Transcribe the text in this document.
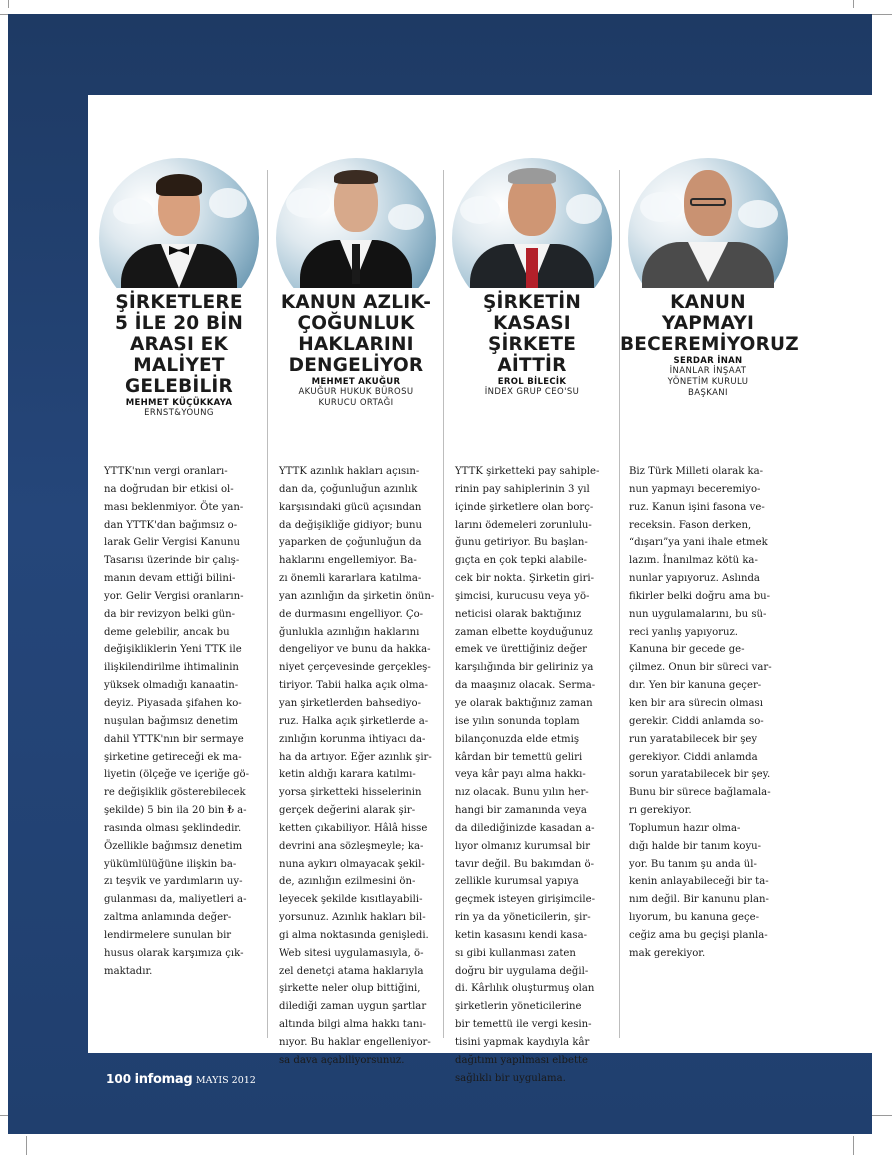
ŞİRKETLERE
5 İLE 20 BİN
ARASI EK
MALİYET
GELEBİLİR
MEHMET KÜÇÜKKAYA
ERNST&YOUNG
KANUN AZLIK-
ÇOĞUNLUK
HAKLARINI
DENGELİYOR
MEHMET AKUĞUR
AKUĞUR HUKUK BÜROSU
KURUCU ORTAĞI
ŞİRKETİN
KASASI
ŞİRKETE
AİTTİR
EROL BİLECİK
İNDEX GRUP CEO'SU
KANUN
YAPMAYI
BECEREMİYORUZ
SERDAR İNAN
İNANLAR İNŞAAT
YÖNETİM KURULU
BAŞKANI
YTTK'nın vergi oranları-
na doğrudan bir etkisi ol-
ması beklenmiyor. Öte yan-
dan YTTK'dan bağımsız o-
larak Gelir Vergisi Kanunu
Tasarısı üzerinde bir çalış-
manın devam ettiği bilini-
yor. Gelir Vergisi oranların-
da bir revizyon belki gün-
deme gelebilir, ancak bu
değişikliklerin Yeni TTK ile
ilişkilendirilme ihtimalinin
yüksek olmadığı kanaatin-
deyiz. Piyasada şifahen ko-
nuşulan bağımsız denetim
dahil YTTK'nın bir sermaye
şirketine getireceği ek ma-
liyetin (ölçeğe ve içeriğe gö-
re değişiklik gösterebilecek
şekilde) 5 bin ila 20 bin ₺ a-
rasında olması şeklindedir.
Özellikle bağımsız denetim
yükümlülüğüne ilişkin ba-
zı teşvik ve yardımların uy-
gulanması da, maliyetleri a-
zaltma anlamında değer-
lendirmelere sunulan bir
husus olarak karşımıza çık-
maktadır.
YTTK azınlık hakları açısın-
dan da, çoğunluğun azınlık
karşısındaki gücü açısından
da değişikliğe gidiyor; bunu
yaparken de çoğunluğun da
haklarını engellemiyor. Ba-
zı önemli kararlara katılma-
yan azınlığın da şirketin önün-
de durmasını engelliyor. Ço-
ğunlukla azınlığın haklarını
dengeliyor ve bunu da hakka-
niyet çerçevesinde gerçekleş-
tiriyor. Tabii halka açık olma-
yan şirketlerden bahsediyo-
ruz. Halka açık şirketlerde a-
zınlığın korunma ihtiyacı da-
ha da artıyor. Eğer azınlık şir-
ketin aldığı karara katılmı-
yorsa şirketteki hisselerinin
gerçek değerini alarak şir-
ketten çıkabiliyor. Hâlâ hisse
devrini ana sözleşmeyle; ka-
nuna aykırı olmayacak şekil-
de, azınlığın ezilmesini ön-
leyecek şekilde kısıtlayabili-
yorsunuz. Azınlık hakları bil-
gi alma noktasında genişledi.
Web sitesi uygulamasıyla, ö-
zel denetçi atama haklarıyla
şirkette neler olup bittiğini,
dilediği zaman uygun şartlar
altında bilgi alma hakkı tanı-
nıyor. Bu haklar engelleniyor-
sa dava açabiliyorsunuz.
YTTK şirketteki pay sahiple-
rinin pay sahiplerinin 3 yıl
içinde şirketlere olan borç-
larını ödemeleri zorunlulu-
ğunu getiriyor. Bu başlan-
gıçta en çok tepki alabile-
cek bir nokta. Şirketin giri-
şimcisi, kurucusu veya yö-
neticisi olarak baktığınız
zaman elbette koyduğunuz
emek ve ürettiğiniz değer
karşılığında bir geliriniz ya
da maaşınız olacak. Serma-
ye olarak baktığınız zaman
ise yılın sonunda toplam
bilançonuzda elde etmiş
kârdan bir temettü geliri
veya kâr payı alma hakkı-
nız olacak. Bunu yılın her-
hangi bir zamanında veya
da dilediğinizde kasadan a-
lıyor olmanız kurumsal bir
tavır değil. Bu bakımdan ö-
zellikle kurumsal yapıya
geçmek isteyen girişimcile-
rin ya da yöneticilerin, şir-
ketin kasasını kendi kasa-
sı gibi kullanması zaten
doğru bir uygulama değil-
di. Kârlılık oluşturmuş olan
şirketlerin yöneticilerine
bir temettü ile vergi kesin-
tisini yapmak kaydıyla kâr
dağıtımı yapılması elbette
sağlıklı bir uygulama.
Biz Türk Milleti olarak ka-
nun yapmayı beceremiyo-
ruz. Kanun işini fasona ve-
receksin. Fason derken,
“dışarı”ya yani ihale etmek
lazım. İnanılmaz kötü ka-
nunlar yapıyoruz. Aslında
fikirler belki doğru ama bu-
nun uygulamalarını, bu sü-
reci yanlış yapıyoruz.
Kanuna bir gecede ge-
çilmez. Onun bir süreci var-
dır. Yen bir kanuna geçer-
ken bir ara sürecin olması
gerekir. Ciddi anlamda so-
run yaratabilecek bir şey
gerekiyor. Ciddi anlamda
sorun yaratabilecek bir şey.
Bunu bir sürece bağlamala-
rı gerekiyor.
Toplumun hazır olma-
dığı halde bir tanım koyu-
yor. Bu tanım şu anda ül-
kenin anlayabileceği bir ta-
nım değil. Bir kanunu plan-
lıyorum, bu kanuna geçe-
ceğiz ama bu geçişi planla-
mak gerekiyor.
100 infomag MAYIS 2012
